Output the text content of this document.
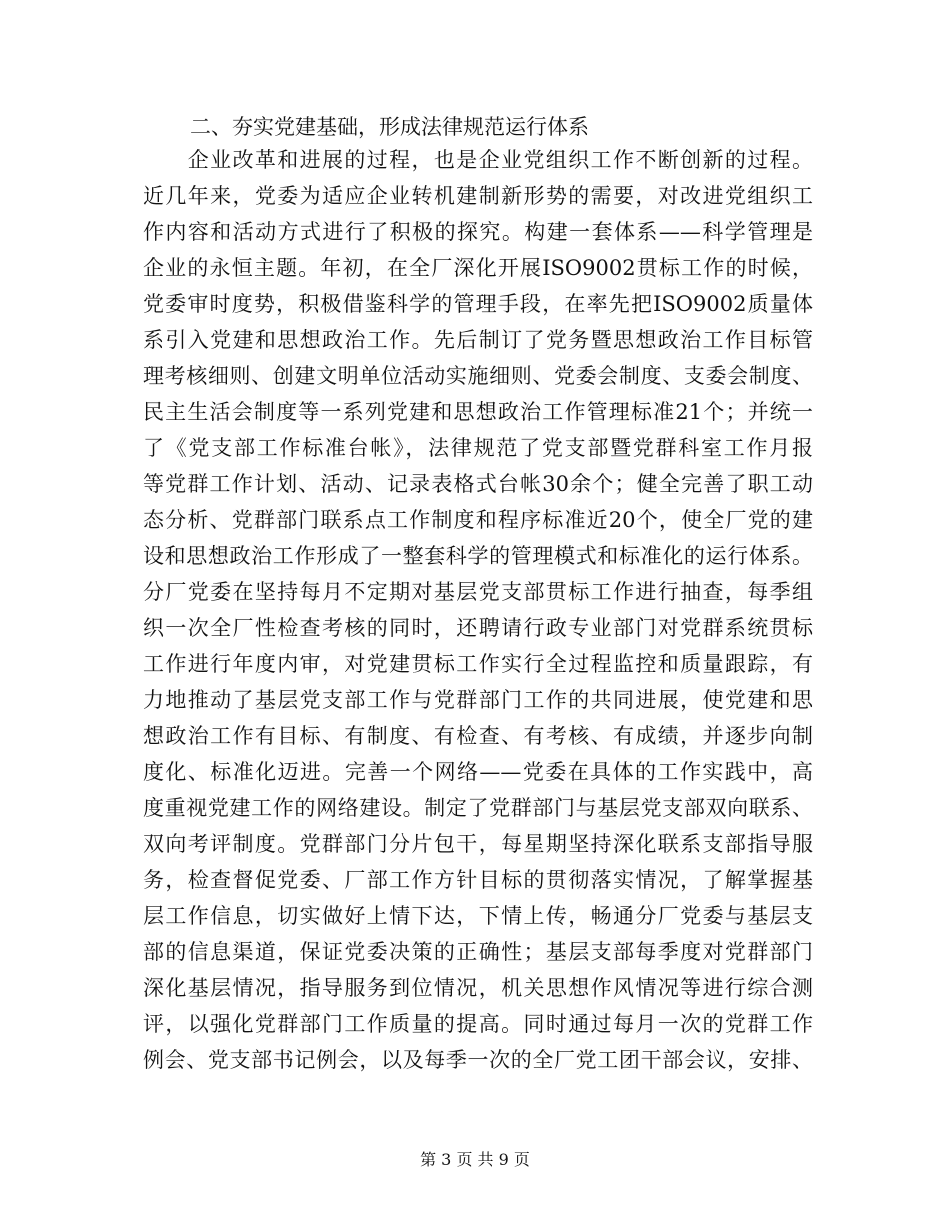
二、夯实党建基础，形成法律规范运行体系
　　企业改革和进展的过程，也是企业党组织工作不断创新的过程。
近几年来，党委为适应企业转机建制新形势的需要，对改进党组织工
作内容和活动方式进行了积极的探究。构建一套体系——科学管理是
企业的永恒主题。年初，在全厂深化开展ISO9002贯标工作的时候，
党委审时度势，积极借鉴科学的管理手段，在率先把ISO9002质量体
系引入党建和思想政治工作。先后制订了党务暨思想政治工作目标管
理考核细则、创建文明单位活动实施细则、党委会制度、支委会制度、
民主生活会制度等一系列党建和思想政治工作管理标准21个；并统一
了《党支部工作标准台帐》，法律规范了党支部暨党群科室工作月报
等党群工作计划、活动、记录表格式台帐30余个；健全完善了职工动
态分析、党群部门联系点工作制度和程序标准近20个，使全厂党的建
设和思想政治工作形成了一整套科学的管理模式和标准化的运行体系。
分厂党委在坚持每月不定期对基层党支部贯标工作进行抽查，每季组
织一次全厂性检查考核的同时，还聘请行政专业部门对党群系统贯标
工作进行年度内审，对党建贯标工作实行全过程监控和质量跟踪，有
力地推动了基层党支部工作与党群部门工作的共同进展，使党建和思
想政治工作有目标、有制度、有检查、有考核、有成绩，并逐步向制
度化、标准化迈进。完善一个网络——党委在具体的工作实践中，高
度重视党建工作的网络建设。制定了党群部门与基层党支部双向联系、
双向考评制度。党群部门分片包干，每星期坚持深化联系支部指导服
务，检查督促党委、厂部工作方针目标的贯彻落实情况，了解掌握基
层工作信息，切实做好上情下达，下情上传，畅通分厂党委与基层支
部的信息渠道，保证党委决策的正确性；基层支部每季度对党群部门
深化基层情况，指导服务到位情况，机关思想作风情况等进行综合测
评，以强化党群部门工作质量的提高。同时通过每月一次的党群工作
例会、党支部书记例会，以及每季一次的全厂党工团干部会议，安排、
第 3 页 共 9 页
